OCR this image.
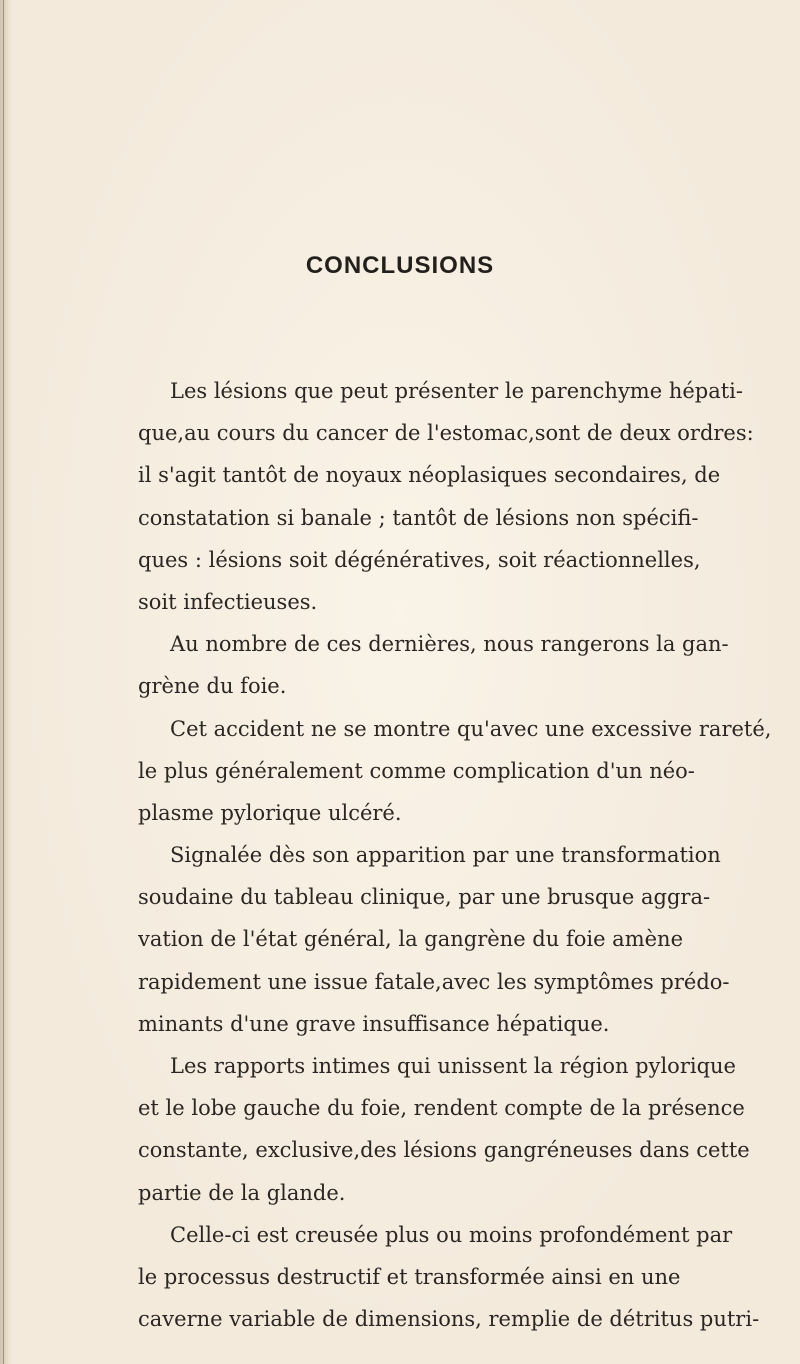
CONCLUSIONS
Les lésions que peut présenter le parenchyme hépati-
que,au cours du cancer de l'estomac,sont de deux ordres:
il s'agit tantôt de noyaux néoplasiques secondaires, de
constatation si banale ; tantôt de lésions non spécifi-
ques : lésions soit dégénératives, soit réactionnelles,
soit infectieuses.
Au nombre de ces dernières, nous rangerons la gan-
grène du foie.
Cet accident ne se montre qu'avec une excessive rareté,
le plus généralement comme complication d'un néo-
plasme pylorique ulcéré.
Signalée dès son apparition par une transformation
soudaine du tableau clinique, par une brusque aggra-
vation de l'état général, la gangrène du foie amène
rapidement une issue fatale,avec les symptômes prédo-
minants d'une grave insuffisance hépatique.
Les rapports intimes qui unissent la région pylorique
et le lobe gauche du foie, rendent compte de la présence
constante, exclusive,des lésions gangréneuses dans cette
partie de la glande.
Celle-ci est creusée plus ou moins profondément par
le processus destructif et transformée ainsi en une
caverne variable de dimensions, remplie de détritus putri-
